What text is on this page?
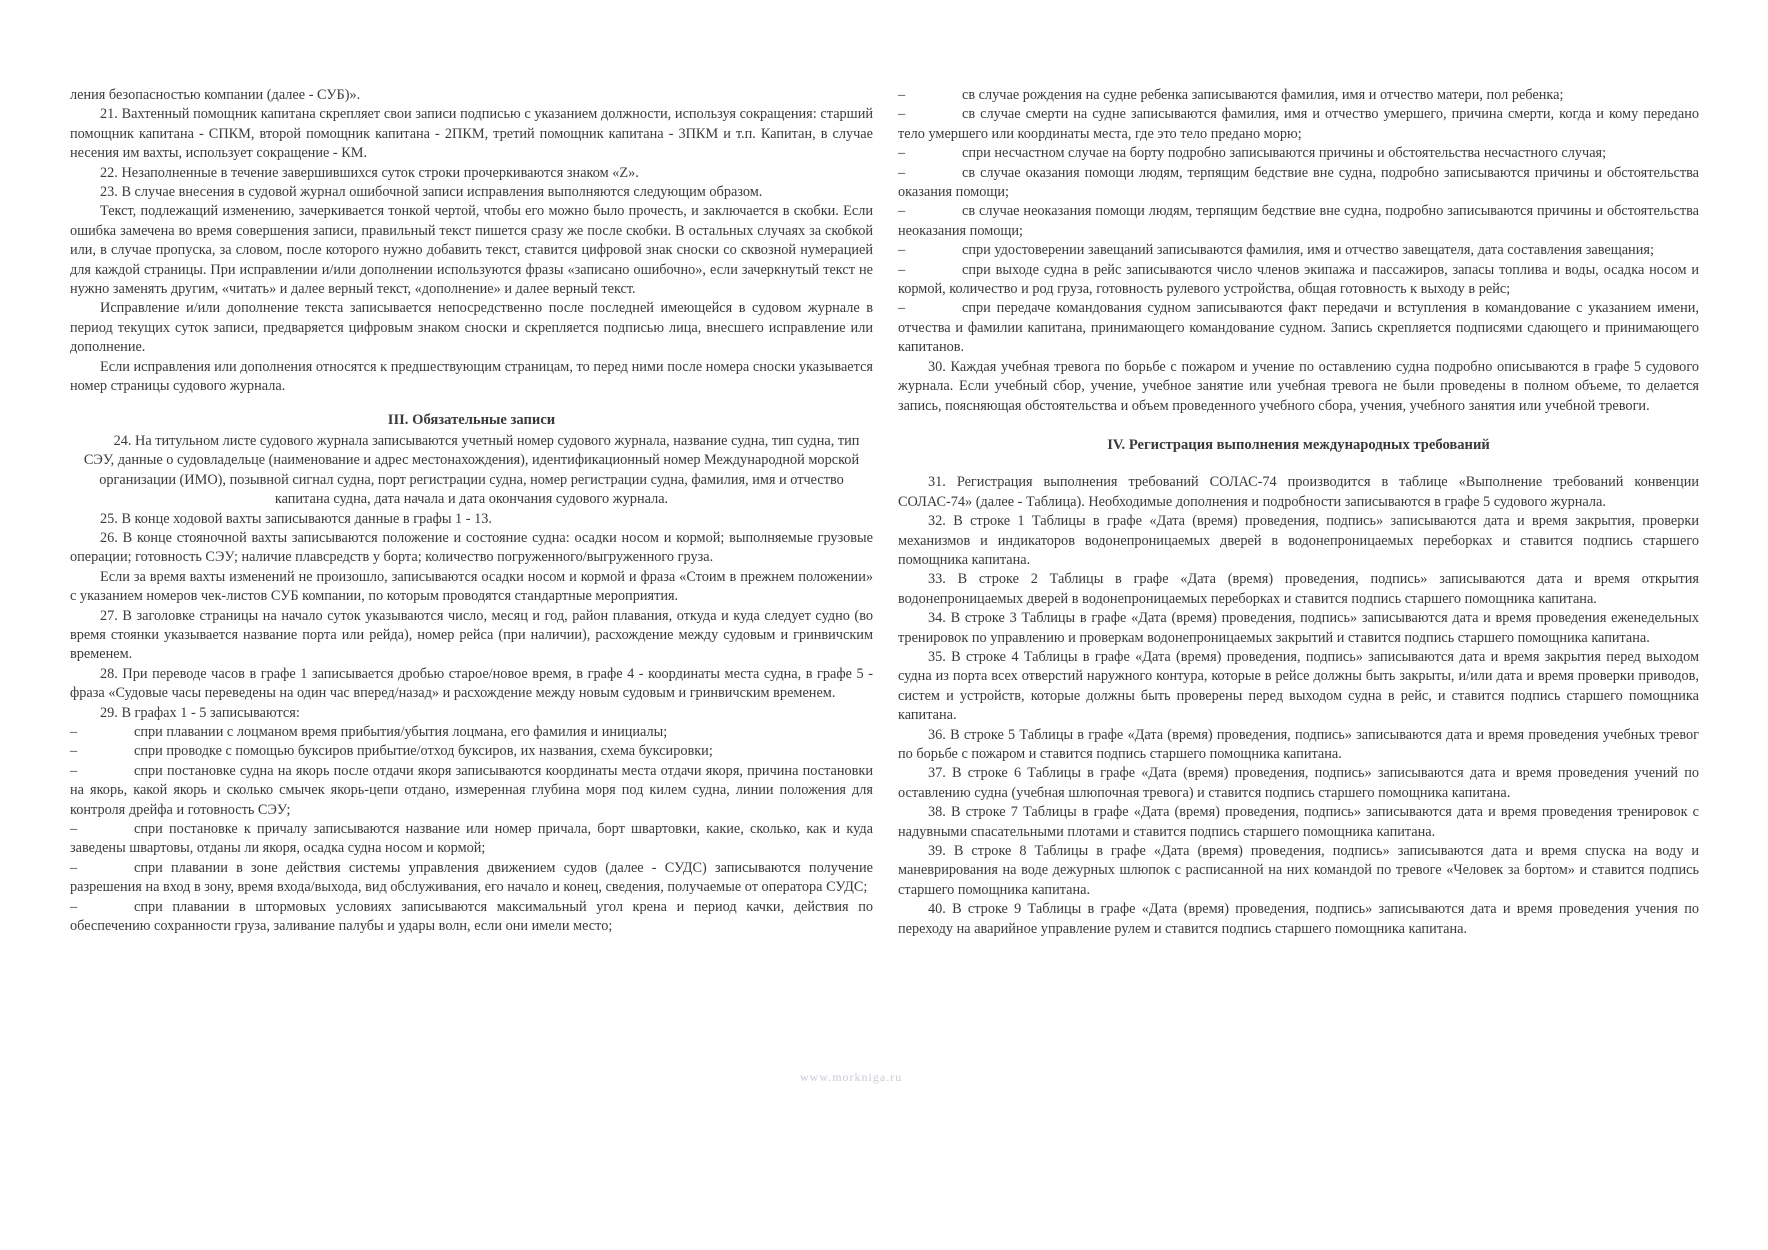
ления безопасностью компании (далее - СУБ)».

21. Вахтенный помощник капитана скрепляет свои записи подписью с указанием должности, используя сокращения: старший помощник капитана - СПКМ, второй помощник капитана - 2ПКМ, третий помощник капитана - 3ПКМ и т.п. Капитан, в случае несения им вахты, использует сокращение - КМ.

22. Незаполненные в течение завершившихся суток строки прочеркиваются знаком «Z».

23. В случае внесения в судовой журнал ошибочной записи исправления выполняются следующим образом.

Текст, подлежащий изменению, зачеркивается тонкой чертой, чтобы его можно было прочесть, и заключается в скобки. Если ошибка замечена во время совершения записи, правильный текст пишется сразу же после скобки. В остальных случаях за скобкой или, в случае пропуска, за словом, после которого нужно добавить текст, ставится цифровой знак сноски со сквозной нумерацией для каждой страницы. При исправлении и/или дополнении используются фразы «записано ошибочно», если зачеркнутый текст не нужно заменять другим, «читать» и далее верный текст, «дополнение» и далее верный текст.

Исправление и/или дополнение текста записывается непосредственно после последней имеющейся в судовом журнале в период текущих суток записи, предваряется цифровым знаком сноски и скрепляется подписью лица, внесшего исправление или дополнение.

Если исправления или дополнения относятся к предшествующим страницам, то перед ними после номера сноски указывается номер страницы судового журнала.

III. Обязательные записи

24. На титульном листе судового журнала записываются учетный номер судового журнала, название судна, тип судна, тип СЭУ, данные о судовладельце (наименование и адрес местонахождения), идентификационный номер Международной морской организации (ИМО), позывной сигнал судна, порт регистрации судна, номер регистрации судна, фамилия, имя и отчество капитана судна, дата начала и дата окончания судового журнала.

25. В конце ходовой вахты записываются данные в графы 1 - 13.

26. В конце стояночной вахты записываются положение и состояние судна: осадки носом и кормой; выполняемые грузовые операции; готовность СЭУ; наличие плавсредств у борта; количество погруженного/выгруженного груза.

Если за время вахты изменений не произошло, записываются осадки носом и кормой и фраза «Стоим в прежнем положении» с указанием номеров чек-листов СУБ компании, по которым проводятся стандартные мероприятия.

27. В заголовке страницы на начало суток указываются число, месяц и год, район плавания, откуда и куда следует судно (во время стоянки указывается название порта или рейда), номер рейса (при наличии), расхождение между судовым и гринвичским временем.

28. При переводе часов в графе 1 записывается дробью старое/новое время, в графе 4 - координаты места судна, в графе 5 - фраза «Судовые часы переведены на один час вперед/назад» и расхождение между новым судовым и гринвичским временем.

29. В графах 1 - 5 записываются:

–	спри плавании с лоцманом время прибытия/убытия лоцмана, его фамилия и инициалы;

–	спри проводке с помощью буксиров прибытие/отход буксиров, их названия, схема буксировки;

–	спри постановке судна на якорь после отдачи якоря записываются координаты места отдачи якоря, причина постановки на якорь, какой якорь и сколько смычек якорь-цепи отдано, измеренная глубина моря под килем судна, линии положения для контроля дрейфа и готовность СЭУ;

–	спри постановке к причалу записываются название или номер причала, борт швартовки, какие, сколько, как и куда заведены швартовы, отданы ли якоря, осадка судна носом и кормой;

–	спри плавании в зоне действия системы управления движением судов (далее - СУДС) записываются получение разрешения на вход в зону, время входа/выхода, вид обслуживания, его начало и конец, сведения, получаемые от оператора СУДС;

–	спри плавании в штормовых условиях записываются максимальный угол крена и период качки, действия по обеспечению сохранности груза, заливание палубы и удары волн, если они имели место;

–	св случае рождения на судне ребенка записываются фамилия, имя и отчество матери, пол ребенка;

–	св случае смерти на судне записываются фамилия, имя и отчество умершего, причина смерти, когда и кому передано тело умершего или координаты места, где это тело предано морю;

–	спри несчастном случае на борту подробно записываются причины и обстоятельства несчастного случая;

–	св случае оказания помощи людям, терпящим бедствие вне судна, подробно записываются причины и обстоятельства оказания помощи;

–	св случае неоказания помощи людям, терпящим бедствие вне судна, подробно записываются причины и обстоятельства неоказания помощи;

–	спри удостоверении завещаний записываются фамилия, имя и отчество завещателя, дата составления завещания;

–	спри выходе судна в рейс записываются число членов экипажа и пассажиров, запасы топлива и воды, осадка носом и кормой, количество и род груза, готовность рулевого устройства, общая готовность к выходу в рейс;

–	спри передаче командования судном записываются факт передачи и вступления в командование с указанием имени, отчества и фамилии капитана, принимающего командование судном. Запись скрепляется подписями сдающего и принимающего капитанов.

30. Каждая учебная тревога по борьбе с пожаром и учение по оставлению судна подробно описываются в графе 5 судового журнала. Если учебный сбор, учение, учебное занятие или учебная тревога не были проведены в полном объеме, то делается запись, поясняющая обстоятельства и объем проведенного учебного сбора, учения, учебного занятия или учебной тревоги.

IV. Регистрация выполнения международных требований

31. Регистрация выполнения требований СОЛАС-74 производится в таблице «Выполнение требований конвенции СОЛАС-74» (далее - Таблица). Необходимые дополнения и подробности записываются в графе 5 судового журнала.

32. В строке 1 Таблицы в графе «Дата (время) проведения, подпись» записываются дата и время закрытия, проверки механизмов и индикаторов водонепроницаемых дверей в водонепроницаемых переборках и ставится подпись старшего помощника капитана.

33. В строке 2 Таблицы в графе «Дата (время) проведения, подпись» записываются дата и время открытия водонепроницаемых дверей в водонепроницаемых переборках и ставится подпись старшего помощника капитана.

34. В строке 3 Таблицы в графе «Дата (время) проведения, подпись» записываются дата и время проведения еженедельных тренировок по управлению и проверкам водонепроницаемых закрытий и ставится подпись старшего помощника капитана.

35. В строке 4 Таблицы в графе «Дата (время) проведения, подпись» записываются дата и время закрытия перед выходом судна из порта всех отверстий наружного контура, которые в рейсе должны быть закрыты, и/или дата и время проверки приводов, систем и устройств, которые должны быть проверены перед выходом судна в рейс, и ставится подпись старшего помощника капитана.

36. В строке 5 Таблицы в графе «Дата (время) проведения, подпись» записываются дата и время проведения учебных тревог по борьбе с пожаром и ставится подпись старшего помощника капитана.

37. В строке 6 Таблицы в графе «Дата (время) проведения, подпись» записываются дата и время проведения учений по оставлению судна (учебная шлюпочная тревога) и ставится подпись старшего помощника капитана.

38. В строке 7 Таблицы в графе «Дата (время) проведения, подпись» записываются дата и время проведения тренировок с надувными спасательными плотами и ставится подпись старшего помощника капитана.

39. В строке 8 Таблицы в графе «Дата (время) проведения, подпись» записываются дата и время спуска на воду и маневрирования на воде дежурных шлюпок с расписанной на них командой по тревоге «Человек за бортом» и ставится подпись старшего помощника капитана.

40. В строке 9 Таблицы в графе «Дата (время) проведения, подпись» записываются дата и время проведения учения по переходу на аварийное управление рулем и ставится подпись старшего помощника капитана.

www.morkniga.ru
